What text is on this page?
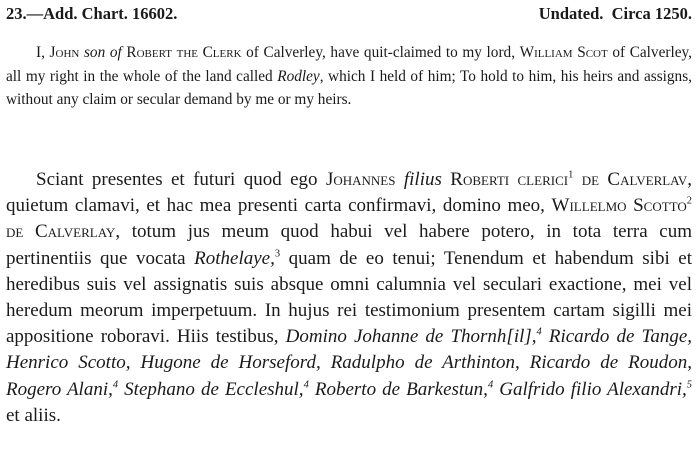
23.—Add. Chart. 16602.	Undated. Circa 1250.

I, John son of Robert the Clerk of Calverley, have quit-claimed to my lord, William Scot of Calverley, all my right in the whole of the land called Rodley, which I held of him; To hold to him, his heirs and assigns, without any claim or secular demand by me or my heirs.

Sciant presentes et futuri quod ego Johannes filius Roberti clerici$^1$ de Calverlav, quietum clamavi, et hac mea presenti carta confirmavi, domino meo, Willelmo Scotto$^2$ de Calverlay, totum jus meum quod habui vel habere potero, in tota terra cum pertinentiis que vocata Rothelaye,$^3$ quam de eo tenui; Tenendum et habendum sibi et heredibus suis vel assignatis suis absque omni calumnia vel seculari exactione, mei vel heredum meorum imperpetuum. In hujus rei testimonium presentem cartam sigilli mei appositione roboravi. Hiis testibus, Domino Johanne de Thornh[il],$^4$ Ricardo de Tange, Henrico Scotto, Hugone de Horseford, Radulpho de Arthinton, Ricardo de Roudon, Rogero Alani,$^4$ Stephano de Eccleshul,$^4$ Roberto de Barkestun,$^4$ Galfrido filio Alexandri,$^5$ et aliis.
